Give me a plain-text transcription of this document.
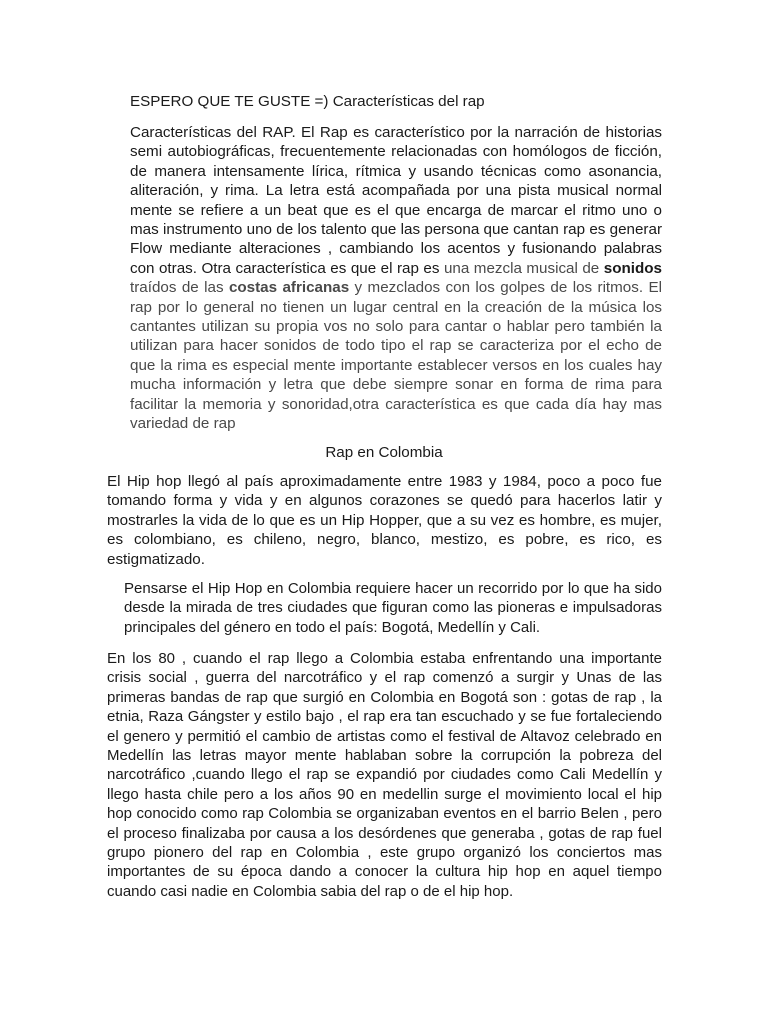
ESPERO QUE TE GUSTE =) Características del rap
Características del RAP. El Rap es característico por la narración de historias semi autobiográficas, frecuentemente relacionadas con homólogos de ficción, de manera intensamente lírica, rítmica y usando técnicas como asonancia, aliteración, y rima. La letra está acompañada por una pista musical normal mente se refiere a un beat que es el que encarga de marcar el ritmo uno o mas instrumento uno de los talento que las persona que cantan rap es generar Flow mediante alteraciones , cambiando los acentos y fusionando palabras con otras. Otra característica es que el rap es una mezcla musical de sonidos traídos de las costas africanas y mezclados con los golpes de los ritmos. El rap por lo general no tienen un lugar central en la creación de la música los cantantes utilizan su propia vos no solo para cantar o hablar pero también la utilizan para hacer sonidos de todo tipo el rap se caracteriza por el echo de que la rima es especial mente importante establecer versos en los cuales hay mucha información y letra que debe siempre sonar en forma de rima para facilitar la memoria y sonoridad,otra característica es que cada día hay mas variedad de rap
Rap en Colombia
El Hip hop llegó al país aproximadamente entre 1983 y 1984, poco a poco fue tomando forma y vida y en algunos corazones se quedó para hacerlos latir y mostrarles la vida de lo que es un Hip Hopper, que a su vez es hombre, es mujer, es colombiano, es chileno, negro, blanco, mestizo, es pobre, es rico, es estigmatizado.
Pensarse el Hip Hop en Colombia requiere hacer un recorrido por lo que ha sido desde la mirada de tres ciudades que figuran como las pioneras e impulsadoras principales del género en todo el país: Bogotá, Medellín y Cali.
En los 80 , cuando el rap llego a Colombia estaba enfrentando una importante crisis social , guerra del narcotráfico y el rap comenzó a surgir y Unas de las primeras bandas de rap que surgió en Colombia en Bogotá son : gotas de rap , la etnia, Raza Gángster y estilo bajo , el rap era tan escuchado y se fue fortaleciendo el genero y permitió el cambio de artistas como el festival de Altavoz celebrado en Medellín las letras mayor mente hablaban sobre la corrupción la pobreza del narcotráfico ,cuando llego el rap se expandió por ciudades como Cali Medellín y llego hasta chile pero a los años 90 en medellin surge el movimiento local el hip hop conocido como rap Colombia se organizaban eventos en el barrio Belen , pero el proceso finalizaba por causa a los desórdenes que generaba , gotas de rap fuel grupo pionero del rap en Colombia , este grupo organizó los conciertos mas importantes de su época dando a conocer la cultura hip hop en aquel tiempo cuando casi nadie en Colombia sabia del rap o de el hip hop.
